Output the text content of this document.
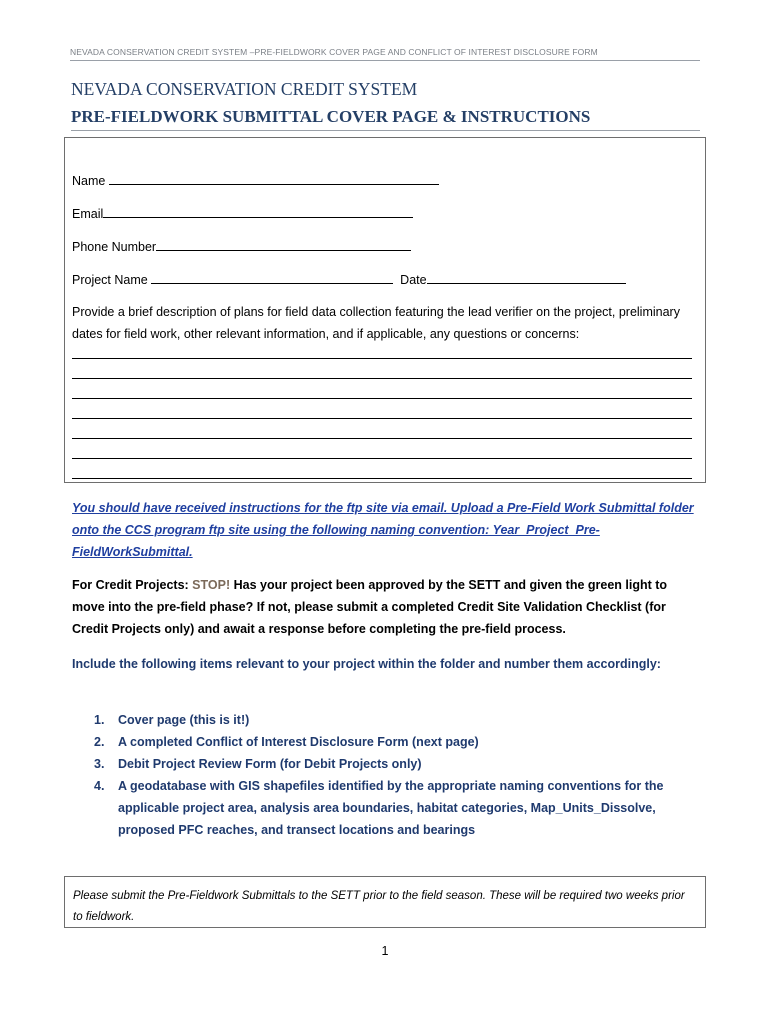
NEVADA CONSERVATION CREDIT SYSTEM –PRE-FIELDWORK COVER PAGE AND CONFLICT OF INTEREST DISCLOSURE FORM
NEVADA CONSERVATION CREDIT SYSTEM
PRE-FIELDWORK SUBMITTAL COVER PAGE & INSTRUCTIONS
Name
Email
Phone Number
Project Name	Date
Provide a brief description of plans for field data collection featuring the lead verifier on the project, preliminary dates for field work, other relevant information, and if applicable, any questions or concerns:
You should have received instructions for the ftp site via email. Upload a Pre-Field Work Submittal folder onto the CCS program ftp site using the following naming convention: Year_Project_Pre-FieldWorkSubmittal.
For Credit Projects: STOP! Has your project been approved by the SETT and given the green light to move into the pre-field phase? If not, please submit a completed Credit Site Validation Checklist (for Credit Projects only) and await a response before completing the pre-field process.
Include the following items relevant to your project within the folder and number them accordingly:
1. Cover page (this is it!)
2. A completed Conflict of Interest Disclosure Form (next page)
3. Debit Project Review Form (for Debit Projects only)
4. A geodatabase with GIS shapefiles identified by the appropriate naming conventions for the applicable project area, analysis area boundaries, habitat categories, Map_Units_Dissolve, proposed PFC reaches, and transect locations and bearings
Please submit the Pre-Fieldwork Submittals to the SETT prior to the field season. These will be required two weeks prior to fieldwork.
1
